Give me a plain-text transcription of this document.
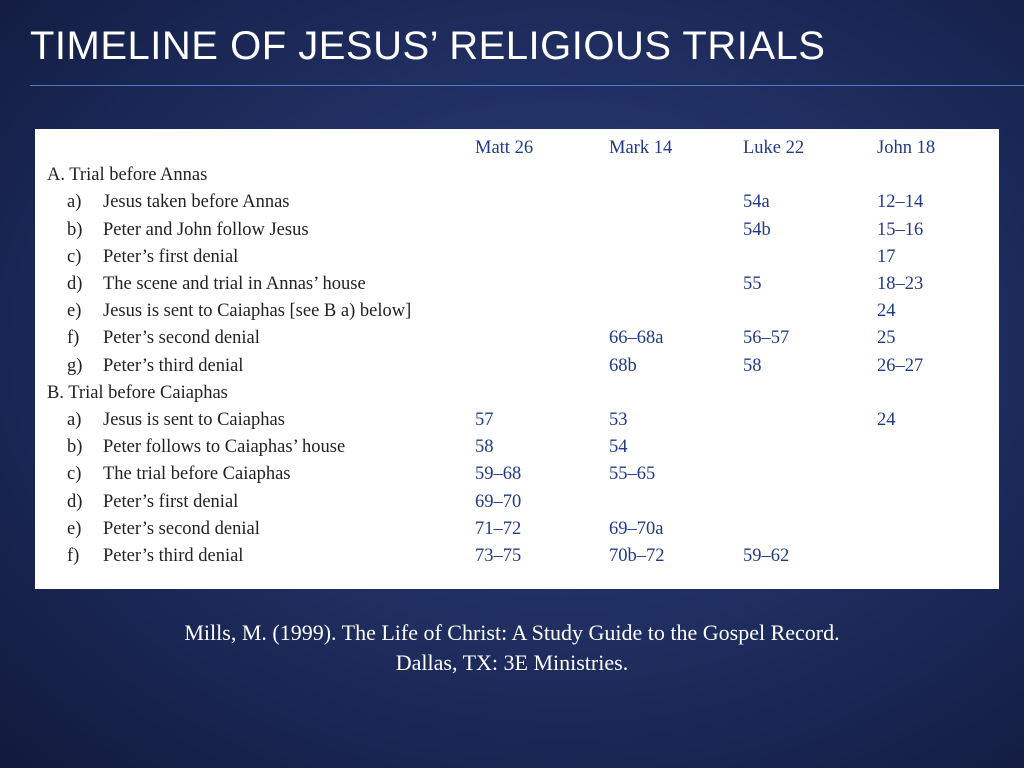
TIMELINE OF JESUS’ RELIGIOUS TRIALS
		Matt 26	Mark 14	Luke 22	John 18
A. Trial before Annas					
a)	Jesus taken before Annas			54a	12–14
b)	Peter and John follow Jesus			54b	15–16
c)	Peter’s first denial				17
d)	The scene and trial in Annas’ house			55	18–23
e)	Jesus is sent to Caiaphas [see B a) below]				24
f)	Peter’s second denial		66–68a	56–57	25
g)	Peter’s third denial		68b	58	26–27
B. Trial before Caiaphas					
a)	Jesus is sent to Caiaphas	57	53		24
b)	Peter follows to Caiaphas’ house	58	54		
c)	The trial before Caiaphas	59–68	55–65		
d)	Peter’s first denial	69–70			
e)	Peter’s second denial	71–72	69–70a		
f)	Peter’s third denial	73–75	70b–72	59–62	
Mills, M. (1999). The Life of Christ: A Study Guide to the Gospel Record.
Dallas, TX: 3E Ministries.
